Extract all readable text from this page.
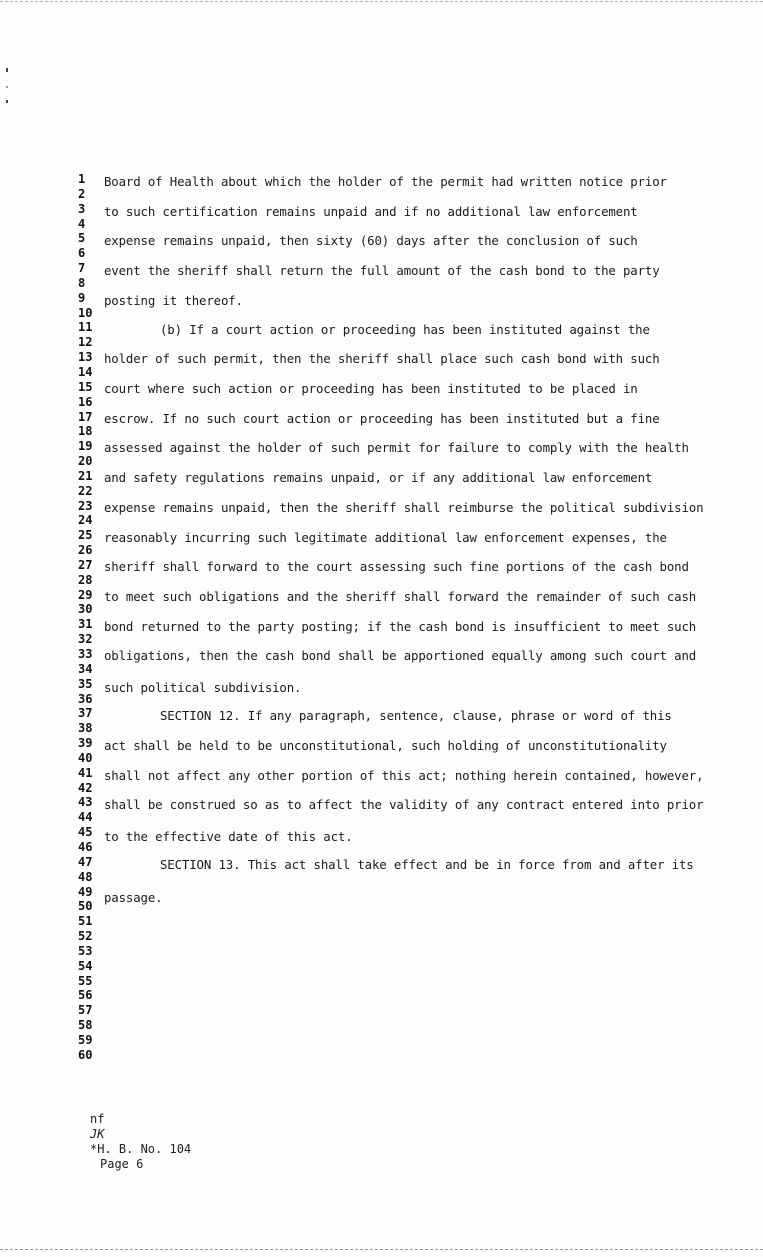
1
2
3
4
5
6
7
8
9
10
11
12
13
14
15
16
17
18
19
20
21
22
23
24
25
26
27
28
29
30
31
32
33
34
35
36
37
38
39
40
41
42
43
44
45
46
47
48
49
50
51
52
53
54
55
56
57
58
59
60
Board of Health about which the holder of the permit had written notice prior
to such certification remains unpaid and if no additional law enforcement
expense remains unpaid, then sixty (60) days after the conclusion of such
event the sheriff shall return the full amount of the cash bond to the party
posting it thereof.
(b) If a court action or proceeding has been instituted against the
holder of such permit, then the sheriff shall place such cash bond with such
court where such action or proceeding has been instituted to be placed in
escrow. If no such court action or proceeding has been instituted but a fine
assessed against the holder of such permit for failure to comply with the health
and safety regulations remains unpaid, or if any additional law enforcement
expense remains unpaid, then the sheriff shall reimburse the political subdivision
reasonably incurring such legitimate additional law enforcement expenses, the
sheriff shall forward to the court assessing such fine portions of the cash bond
to meet such obligations and the sheriff shall forward the remainder of such cash
bond returned to the party posting; if the cash bond is insufficient to meet such
obligations, then the cash bond shall be apportioned equally among such court and
such political subdivision.
SECTION 12. If any paragraph, sentence, clause, phrase or word of this
act shall be held to be unconstitutional, such holding of unconstitutionality
shall not affect any other portion of this act; nothing herein contained, however,
shall be construed so as to affect the validity of any contract entered into prior
to the effective date of this act.
SECTION 13. This act shall take effect and be in force from and after its
passage.
nf
JK
*H. B. No. 104
Page 6
